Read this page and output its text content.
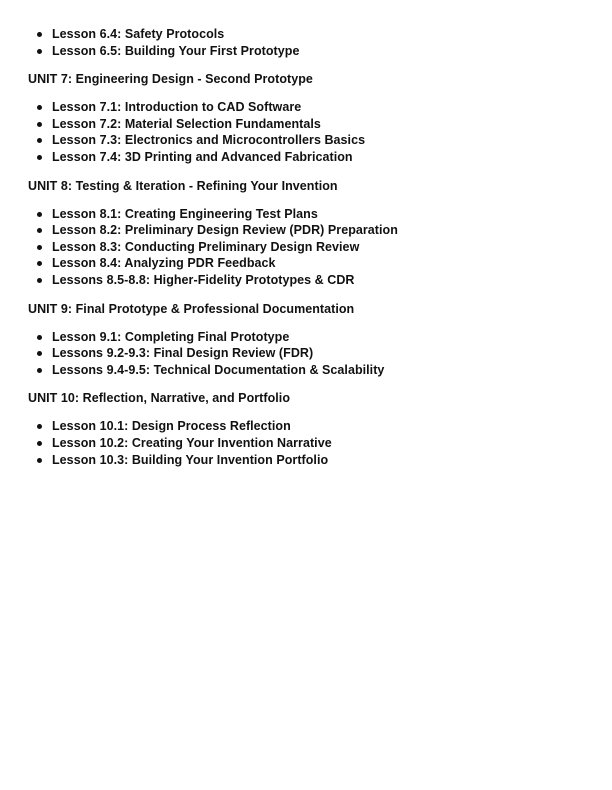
Lesson 6.4: Safety Protocols
Lesson 6.5: Building Your First Prototype
UNIT 7: Engineering Design - Second Prototype
Lesson 7.1: Introduction to CAD Software
Lesson 7.2: Material Selection Fundamentals
Lesson 7.3: Electronics and Microcontrollers Basics
Lesson 7.4: 3D Printing and Advanced Fabrication
UNIT 8: Testing & Iteration - Refining Your Invention
Lesson 8.1: Creating Engineering Test Plans
Lesson 8.2: Preliminary Design Review (PDR) Preparation
Lesson 8.3: Conducting Preliminary Design Review
Lesson 8.4: Analyzing PDR Feedback
Lessons 8.5-8.8: Higher-Fidelity Prototypes & CDR
UNIT 9: Final Prototype & Professional Documentation
Lesson 9.1: Completing Final Prototype
Lessons 9.2-9.3: Final Design Review (FDR)
Lessons 9.4-9.5: Technical Documentation & Scalability
UNIT 10: Reflection, Narrative, and Portfolio
Lesson 10.1: Design Process Reflection
Lesson 10.2: Creating Your Invention Narrative
Lesson 10.3: Building Your Invention Portfolio
